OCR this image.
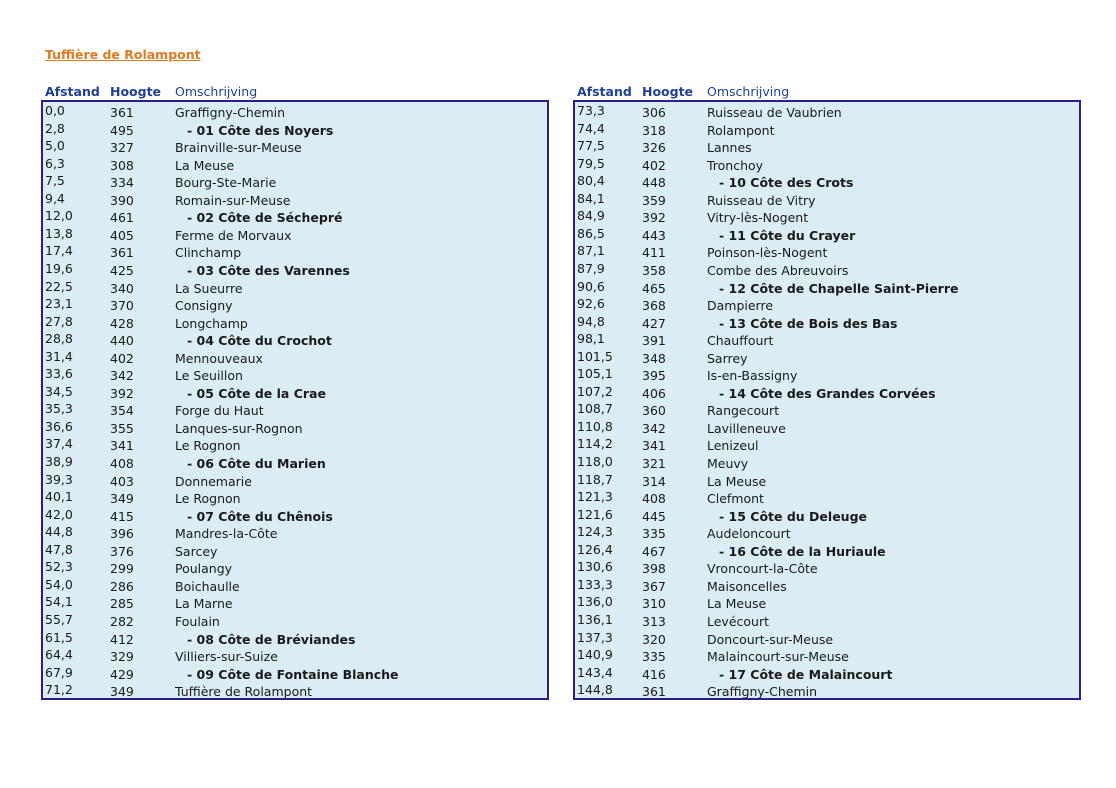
Tuffière de Rolampont
Afstand Hoogte Omschrijving	Afstand Hoogte Omschrijving
0,0	361	Graffigny-Chemin
2,8	495	- 01 Côte des Noyers
5,0	327	Brainville-sur-Meuse
6,3	308	La Meuse
7,5	334	Bourg-Ste-Marie
9,4	390	Romain-sur-Meuse
12,0	461	- 02 Côte de Séchepré
13,8	405	Ferme de Morvaux
17,4	361	Clinchamp
19,6	425	- 03 Côte des Varennes
22,5	340	La Sueurre
23,1	370	Consigny
27,8	428	Longchamp
28,8	440	- 04 Côte du Crochot
31,4	402	Mennouveaux
33,6	342	Le Seuillon
34,5	392	- 05 Côte de la Crae
35,3	354	Forge du Haut
36,6	355	Lanques-sur-Rognon
37,4	341	Le Rognon
38,9	408	- 06 Côte du Marien
39,3	403	Donnemarie
40,1	349	Le Rognon
42,0	415	- 07 Côte du Chênois
44,8	396	Mandres-la-Côte
47,8	376	Sarcey
52,3	299	Poulangy
54,0	286	Boichaulle
54,1	285	La Marne
55,7	282	Foulain
61,5	412	- 08 Côte de Bréviandes
64,4	329	Villiers-sur-Suize
67,9	429	- 09 Côte de Fontaine Blanche
71,2	349	Tuffière de Rolampont
73,3	306	Ruisseau de Vaubrien
74,4	318	Rolampont
77,5	326	Lannes
79,5	402	Tronchoy
80,4	448	- 10 Côte des Crots
84,1	359	Ruisseau de Vitry
84,9	392	Vitry-lès-Nogent
86,5	443	- 11 Côte du Crayer
87,1	411	Poinson-lès-Nogent
87,9	358	Combe des Abreuvoirs
90,6	465	- 12 Côte de Chapelle Saint-Pierre
92,6	368	Dampierre
94,8	427	- 13 Côte de Bois des Bas
98,1	391	Chauffourt
101,5 348	Sarrey
105,1 395	Is-en-Bassigny
107,2 406	- 14 Côte des Grandes Corvées
108,7 360	Rangecourt
110,8 342	Lavilleneuve
114,2 341	Lenizeul
118,0 321	Meuvy
118,7 314	La Meuse
121,3 408	Clefmont
121,6 445	- 15 Côte du Deleuge
124,3 335	Audeloncourt
126,4 467	- 16 Côte de la Huriaule
130,6 398	Vroncourt-la-Côte
133,3 367	Maisoncelles
136,0 310	La Meuse
136,1 313	Levécourt
137,3 320	Doncourt-sur-Meuse
140,9 335	Malaincourt-sur-Meuse
143,4 416	- 17 Côte de Malaincourt
144,8 361	Graffigny-Chemin
